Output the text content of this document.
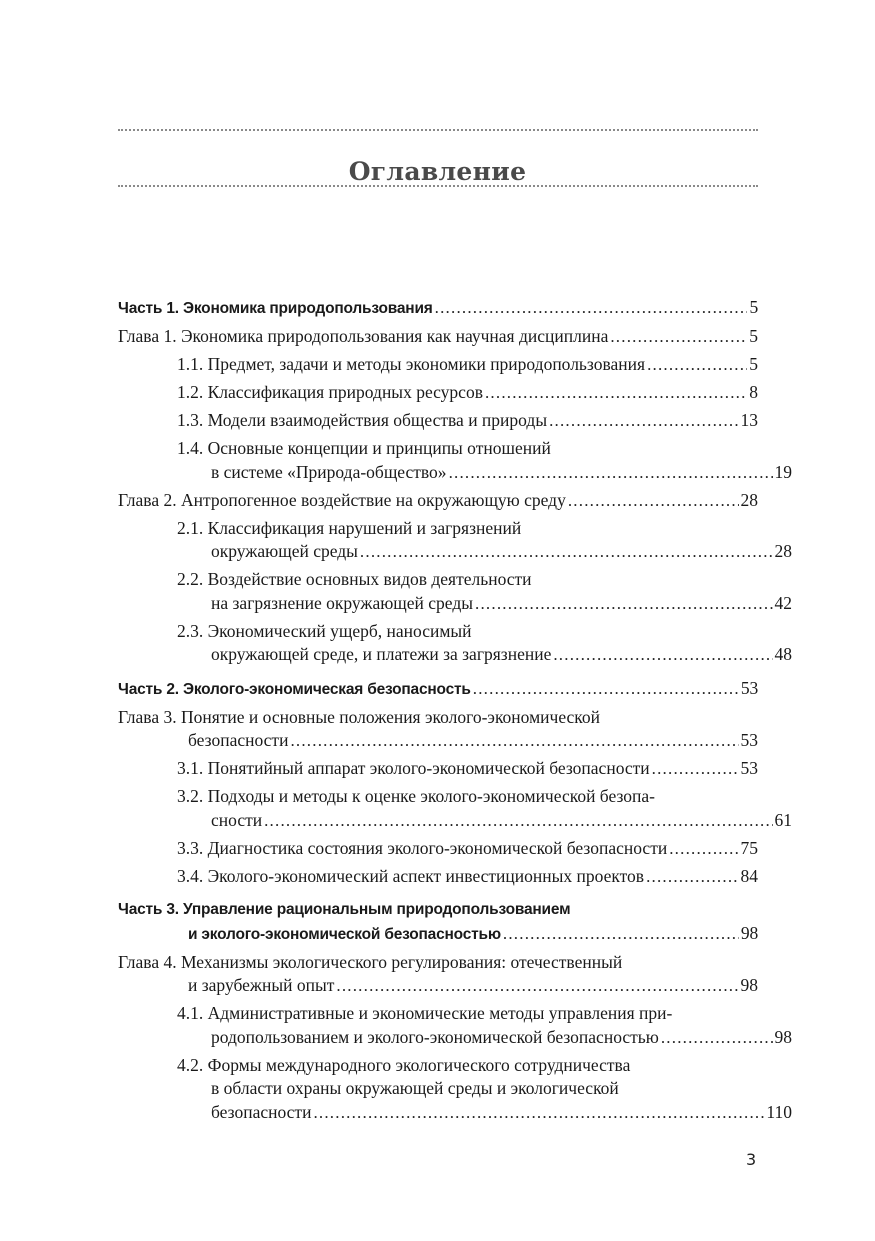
Оглавление
Часть 1. Экономика природопользования .....	5
Глава 1. Экономика природопользования как научная дисциплина .....	5
1.1. Предмет, задачи и методы экономики природопользования .....	5
1.2. Классификация природных ресурсов .....	8
1.3. Модели взаимодействия общества и природы .....	13
1.4. Основные концепции и принципы отношений
в системе «Природа-общество» .....	19
Глава 2. Антропогенное воздействие на окружающую среду .....	28
2.1. Классификация нарушений и загрязнений
окружающей среды .....	28
2.2. Воздействие основных видов деятельности
на загрязнение окружающей среды .....	42
2.3. Экономический ущерб, наносимый
окружающей среде, и платежи за загрязнение .....	48
Часть 2. Эколого-экономическая безопасность .....	53
Глава 3. Понятие и основные положения эколого-экономической
безопасности .....	53
3.1. Понятийный аппарат эколого-экономической безопасности .....	53
3.2. Подходы и методы к оценке эколого-экономической безопа-
сности .....	61
3.3. Диагностика состояния эколого-экономической безопасности .....	75
3.4. Эколого-экономический аспект инвестиционных проектов .....	84
Часть 3. Управление рациональным природопользованием
и эколого-экономической безопасностью .....	98
Глава 4. Механизмы экологического регулирования: отечественный
и зарубежный опыт .....	98
4.1. Административные и экономические методы управления при-
родопользованием и эколого-экономической безопасностью .....	98
4.2. Формы международного экологического сотрудничества
в области охраны окружающей среды и экологической
безопасности .....	110
3
